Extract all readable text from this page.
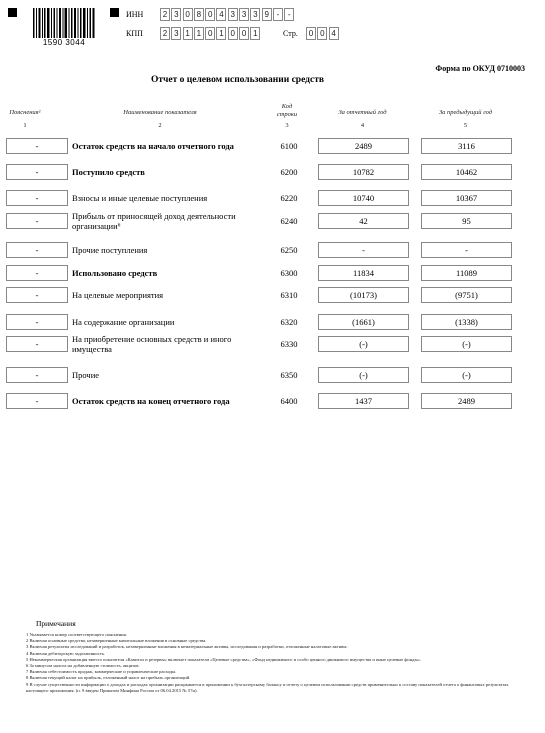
1590 3044
ИНН	2 3 0 8 0 4 3 3 3 9 -	-
КПП	2 3 1 1 0 1 0 0 1	Стр.	0 0 4
Форма по ОКУД 0710003
Отчет о целевом использовании средств
Пояснения¹	Наименование показателя
Код строки	За отчетный год	За предыдущий год
1	2	3	4	5
-	Остаток средств на начало отчетного года	6100	2489	3116
-	Поступило средств	6200	10782	10462
-	Взносы и иные целевые поступления	6220	10740	10367
-	Прибыль от приносящей доход деятельности организации⁶	6240	42	95
-	Прочие поступления	6250	-	-
-	Использовано средств	6300	11834	11089
-	На целевые мероприятия	6310	(10173)	(9751)
-	На содержание организации	6320	(1661)	(1338)
-	На приобретение основных средств и иного имущества	6330	(-)	(-)
-	Прочие	6350	(-)	(-)
-	Остаток средств на конец отчетного года	6400	1437	2489
Примечания
1 Указывается номер соответствующего пояснения.
2 Включая основные средства, незавершенные капитальные вложения в основные средства.
3 Включая результаты исследований и разработок, незавершенные вложения в нематериальные активы, исследования и разработки, отложенные налоговые активы.
4 Включая дебиторскую задолженность.
5 Некоммерческая организация вместо показателя «Капитал и резервы» включает показатели «Целевые средства», «Фонд недвижимого и особо ценного движимого имущества и иные целевые фонды».
6 За минусом налога на добавленную стоимость, акцизов.
7 Включая себестоимость продаж, коммерческие и управленческие расходы.
8 Включая текущий налог на прибыль, отложенный налог на прибыль организаций.
9 В случае существенности информации о доходах и расходах организации раскрывается в приложении к бухгалтерскому балансу и отчету о целевом использовании средств применительно к составу показателей отчета о финансовых результатах настоящего приложения. (п. 9 введен Приказом Минфина России от 06.04.2015 № 57н).
